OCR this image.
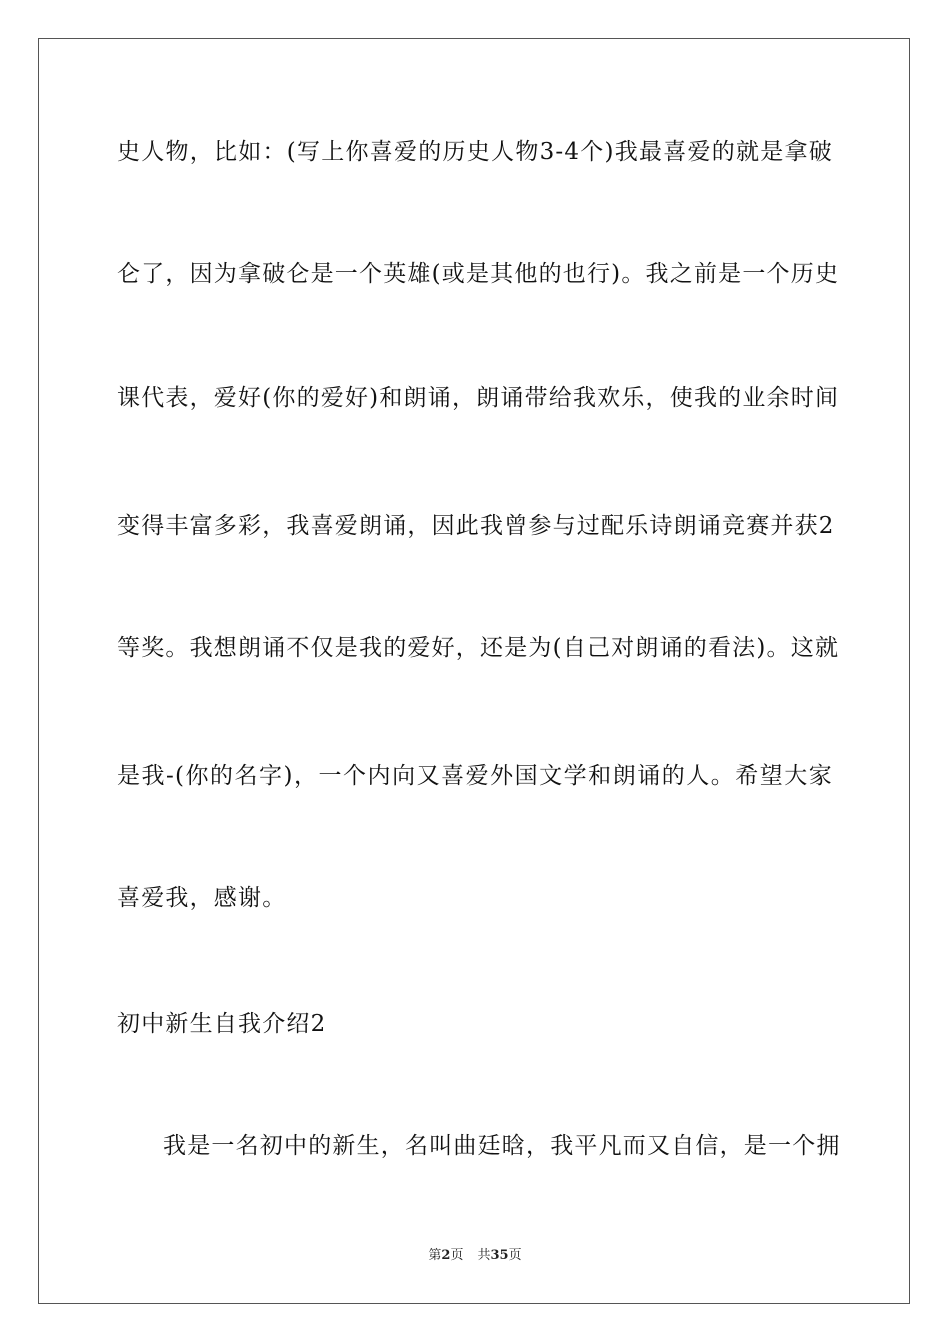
史人物，比如：(写上你喜爱的历史人物3-4个)我最喜爱的就是拿破
仑了，因为拿破仑是一个英雄(或是其他的也行)。我之前是一个历史
课代表，爱好(你的爱好)和朗诵，朗诵带给我欢乐，使我的业余时间
变得丰富多彩，我喜爱朗诵，因此我曾参与过配乐诗朗诵竞赛并获2
等奖。我想朗诵不仅是我的爱好，还是为(自己对朗诵的看法)。这就
是我-(你的名字)，一个内向又喜爱外国文学和朗诵的人。希望大家
喜爱我，感谢。
初中新生自我介绍2
我是一名初中的新生，名叫曲廷晗，我平凡而又自信，是一个拥
第2页 共35页
